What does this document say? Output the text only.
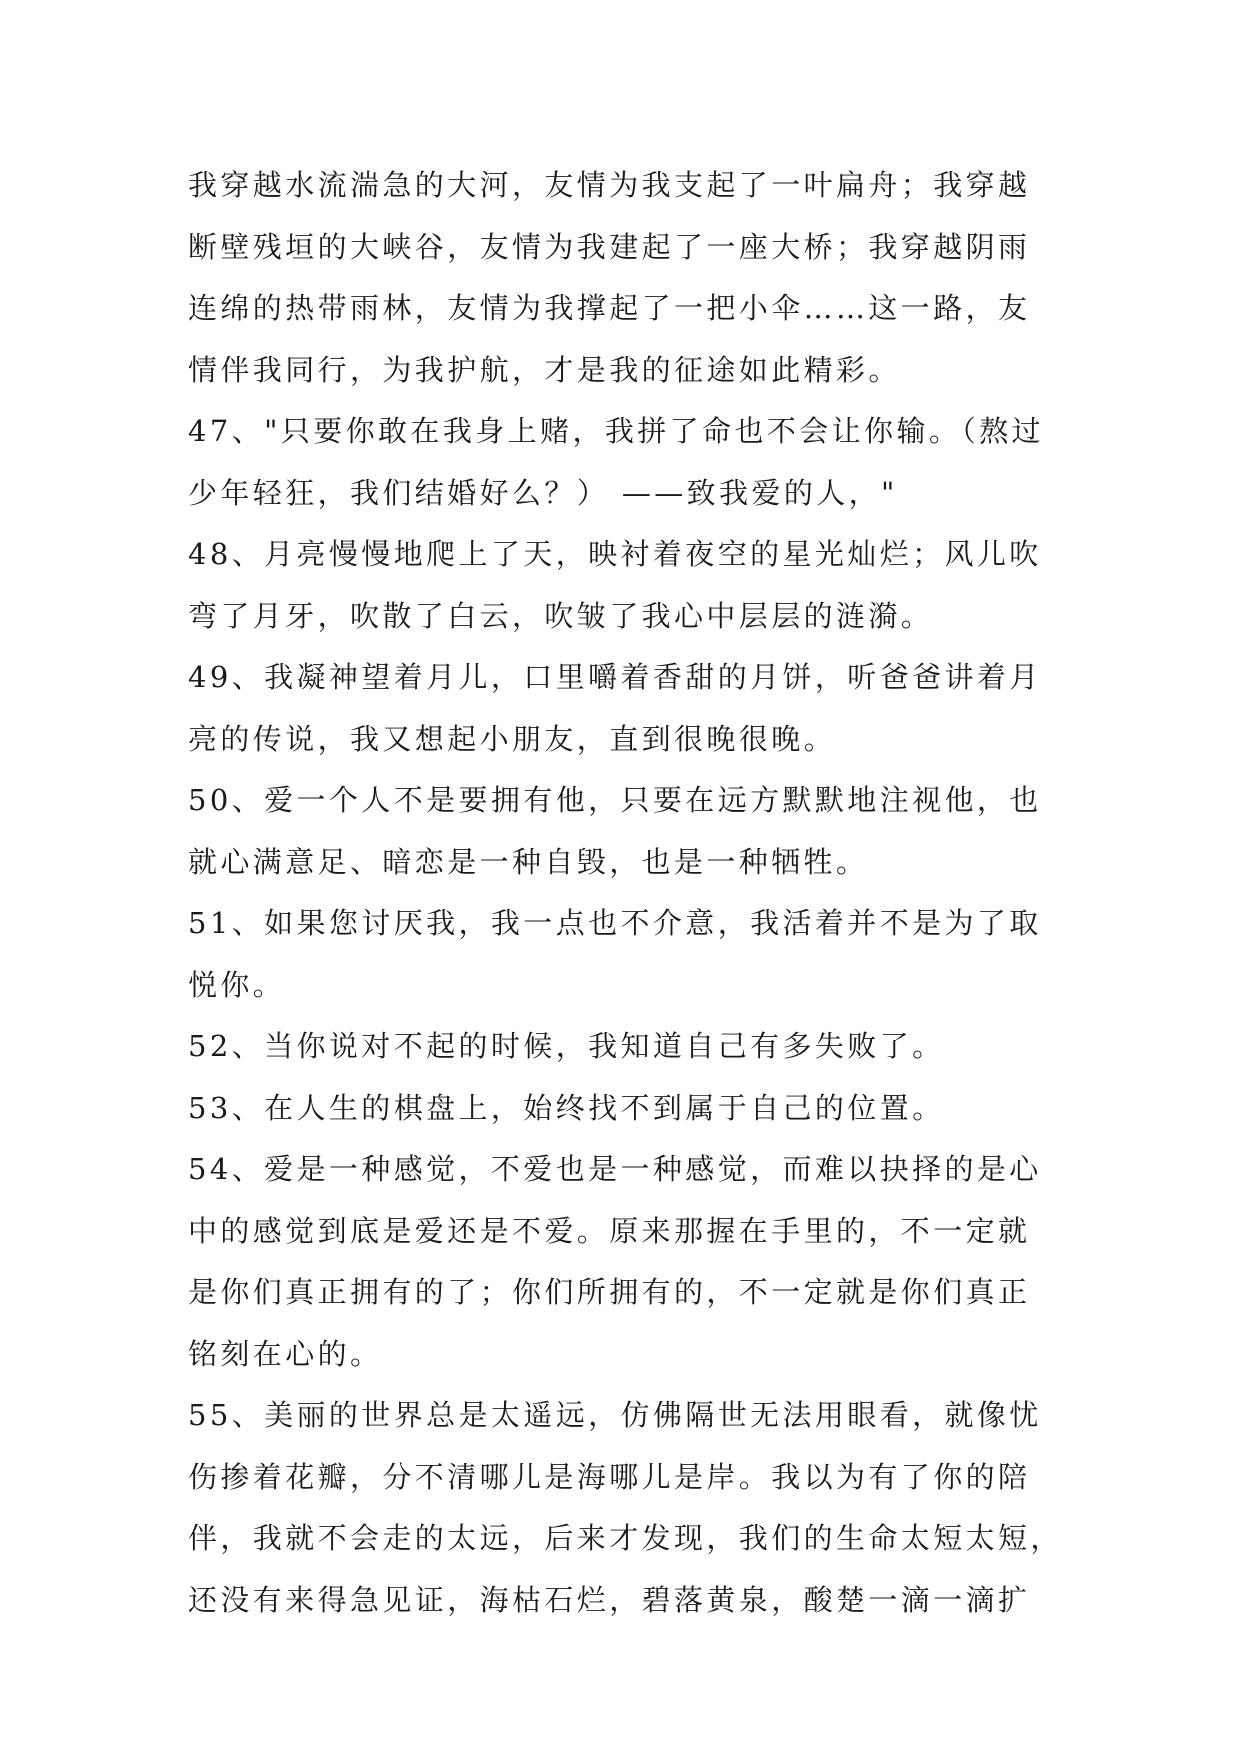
我穿越水流湍急的大河，友情为我支起了一叶扁舟；我穿越
断壁残垣的大峡谷，友情为我建起了一座大桥；我穿越阴雨
连绵的热带雨林，友情为我撑起了一把小伞……这一路，友
情伴我同行，为我护航，才是我的征途如此精彩。
47、"只要你敢在我身上赌，我拼了命也不会让你输。（熬过
少年轻狂，我们结婚好么？） ——致我爱的人，"
48、月亮慢慢地爬上了天，映衬着夜空的星光灿烂；风儿吹
弯了月牙，吹散了白云，吹皱了我心中层层的涟漪。
49、我凝神望着月儿，口里嚼着香甜的月饼，听爸爸讲着月
亮的传说，我又想起小朋友，直到很晚很晚。
50、爱一个人不是要拥有他，只要在远方默默地注视他，也
就心满意足、暗恋是一种自毁，也是一种牺牲。
51、如果您讨厌我，我一点也不介意，我活着并不是为了取
悦你。
52、当你说对不起的时候，我知道自己有多失败了。
53、在人生的棋盘上，始终找不到属于自己的位置。
54、爱是一种感觉，不爱也是一种感觉，而难以抉择的是心
中的感觉到底是爱还是不爱。原来那握在手里的，不一定就
是你们真正拥有的了；你们所拥有的，不一定就是你们真正
铭刻在心的。
55、美丽的世界总是太遥远，仿佛隔世无法用眼看，就像忧
伤掺着花瓣，分不清哪儿是海哪儿是岸。我以为有了你的陪
伴，我就不会走的太远，后来才发现，我们的生命太短太短，
还没有来得急见证，海枯石烂，碧落黄泉，酸楚一滴一滴扩
